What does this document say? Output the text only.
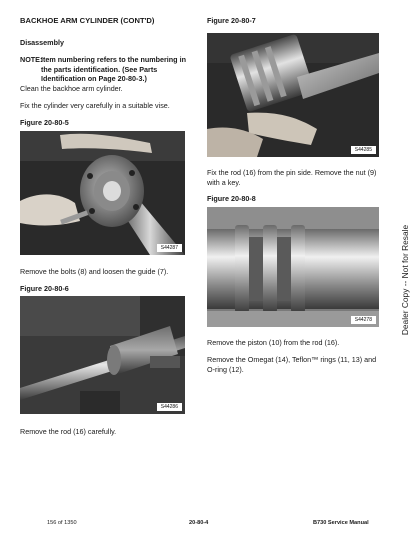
BACKHOE ARM CYLINDER (CONT'D)
Disassembly
NOTE:
Item numbering refers to the numbering in the parts identification. (See Parts Identification on Page 20-80-3.)
Clean the backhoe arm cylinder.
Fix the cylinder very carefully in a suitable vise.
Figure 20-80-5
S44287
Remove the bolts (8) and loosen the guide (7).
Figure 20-80-6
S44286
Remove the rod (16) carefully.
Figure 20-80-7
S44285
Fix the rod (16) from the pin side. Remove the nut (9) with a key.
Figure 20-80-8
S44278
Remove the piston (10) from the rod (16).
Remove the Omegat (14), Teflon™ rings (11, 13) and O-ring (12).
Dealer Copy -- Not for Resale
156 of 1350	20-80-4	B730 Service Manual
